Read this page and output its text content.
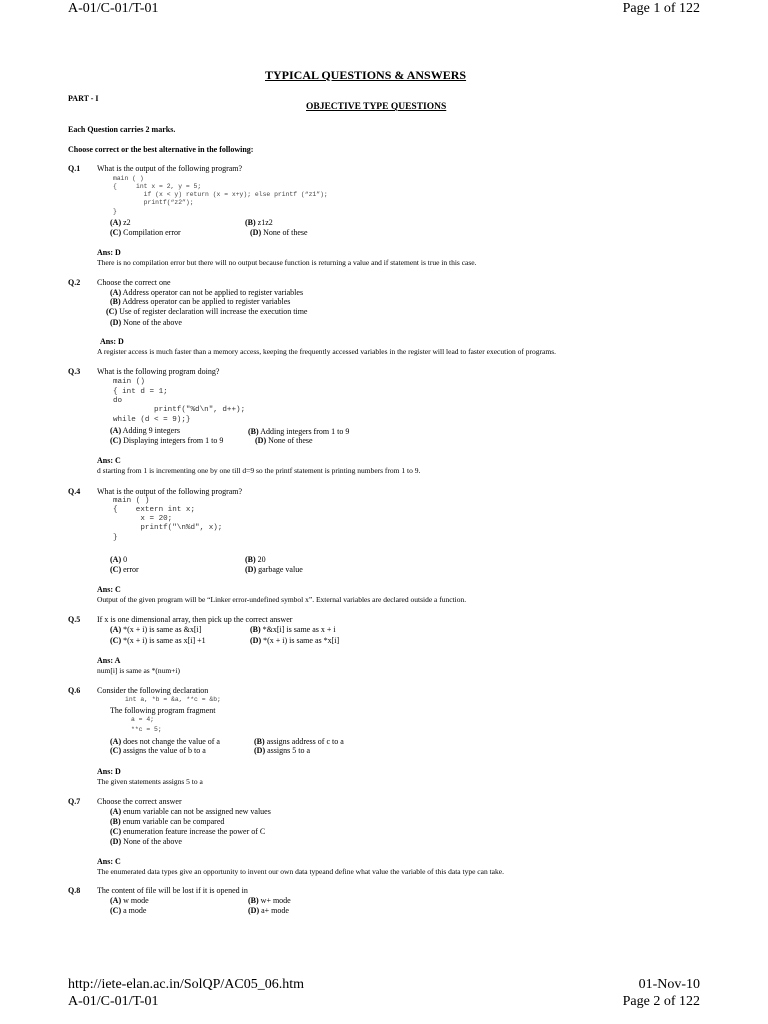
A-01/C-01/T-01	Page 1 of 122
TYPICAL QUESTIONS & ANSWERS
PART - I
OBJECTIVE TYPE QUESTIONS
Each Question carries 2 marks.
Choose correct or the best alternative in the following:
Q.1 What is the output of the following program?
main ( )
{     int x = 2, y = 5;
if (x < y) return (x = x+y); else printf (“z1”);
printf(“z2”);
}
(A) z2	(B) z1z2
(C) Compilation error	(D) None of these
Ans: D
There is no compilation error but there will no output because function is returning a value and if statement is true in this case.
Q.2 Choose the correct one
(A) Address operator can not be applied to register variables
(B) Address operator can be applied to register variables
(C) Use of register declaration will increase the execution time
(D) None of the above
Ans: D
A register access is much faster than a memory access, keeping the frequently accessed variables in the register will lead to faster execution of programs.
Q.3 What is the following program doing?
main ()
{ int d = 1;
do
printf("%d\n", d++);
while (d < = 9);}
(A) Adding 9 integers	(B) Adding integers from 1 to 9
(C) Displaying integers from 1 to 9	(D) None of these
Ans: C
d starting from 1 is incrementing one by one till d=9 so the printf statement is printing numbers from 1 to 9.
Q.4 What is the output of the following program?
main ( )
{    extern int x;
x = 20;
printf("\n%d", x);
}
(A) 0	(B) 20
(C) error	(D) garbage value
Ans: C
Output of the given program will be “Linker error-undefined symbol x”. External variables are declared outside a function.
Q.5 If x is one dimensional array, then pick up the correct answer
(A) *(x + i) is same as &x[i]	(B) *&x[i] is same as x + i
(C) *(x + i) is same as x[i] +1	(D) *(x + i) is same as *x[i]
Ans: A
num[i] is same as *(num+i)
Q.6 Consider the following declaration
int a, *b = &a, **c = &b;
The following program fragment
a = 4;
**c = 5;
(A) does not change the value of a	(B) assigns address of c to a
(C) assigns the value of b to a	(D) assigns 5 to a
Ans: D
The given statements assigns 5 to a
Q.7 Choose the correct answer
(A) enum variable can not be assigned new values
(B) enum variable can be compared
(C) enumeration feature increase the power of C
(D) None of the above
Ans: C
The enumerated data types give an opportunity to invent our own data typeand define what value the variable of this data type can take.
Q.8 The content of file will be lost if it is opened in
(A) w mode	(B) w+ mode
(C) a mode	(D) a+ mode
http://iete-elan.ac.in/SolQP/AC05_06.htm	01-Nov-10
A-01/C-01/T-01	Page 2 of 122
